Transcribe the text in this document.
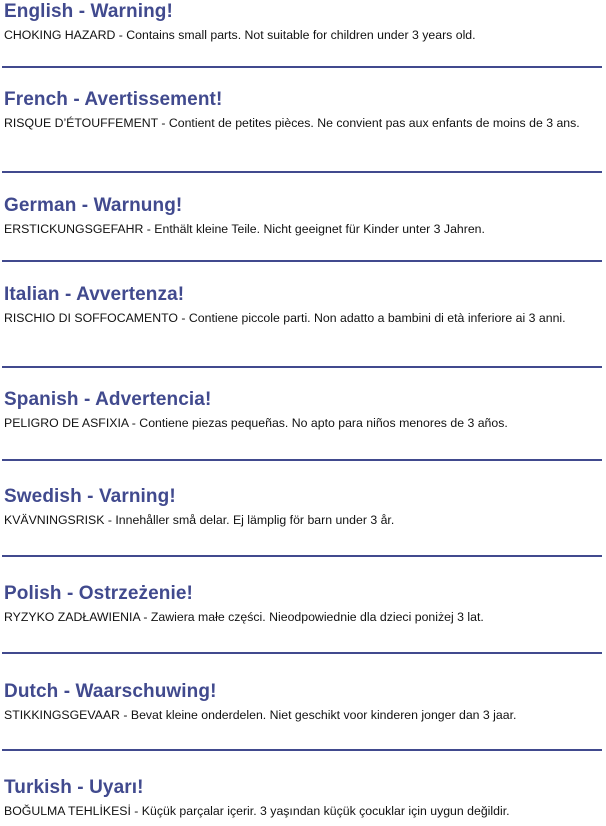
English - Warning!
CHOKING HAZARD - Contains small parts. Not suitable for children under 3 years old.
French - Avertissement!
RISQUE D’ÉTOUFFEMENT - Contient de petites pièces. Ne convient pas aux enfants de moins de 3 ans.
German - Warnung!
ERSTICKUNGSGEFAHR - Enthält kleine Teile. Nicht geeignet für Kinder unter 3 Jahren.
Italian - Avvertenza!
RISCHIO DI SOFFOCAMENTO - Contiene piccole parti. Non adatto a bambini di età inferiore ai 3 anni.
Spanish - Advertencia!
PELIGRO DE ASFIXIA - Contiene piezas pequeñas. No apto para niños menores de 3 años.
Swedish - Varning!
KVÄVNINGSRISK - Innehåller små delar. Ej lämplig för barn under 3 år.
Polish - Ostrzeżenie!
RYZYKO ZADŁAWIENIA - Zawiera małe części. Nieodpowiednie dla dzieci poniżej 3 lat.
Dutch - Waarschuwing!
STIKKINGSGEVAAR - Bevat kleine onderdelen. Niet geschikt voor kinderen jonger dan 3 jaar.
Turkish - Uyarı!
BOĞULMA TEHLİKESİ - Küçük parçalar içerir. 3 yaşından küçük çocuklar için uygun değildir.
